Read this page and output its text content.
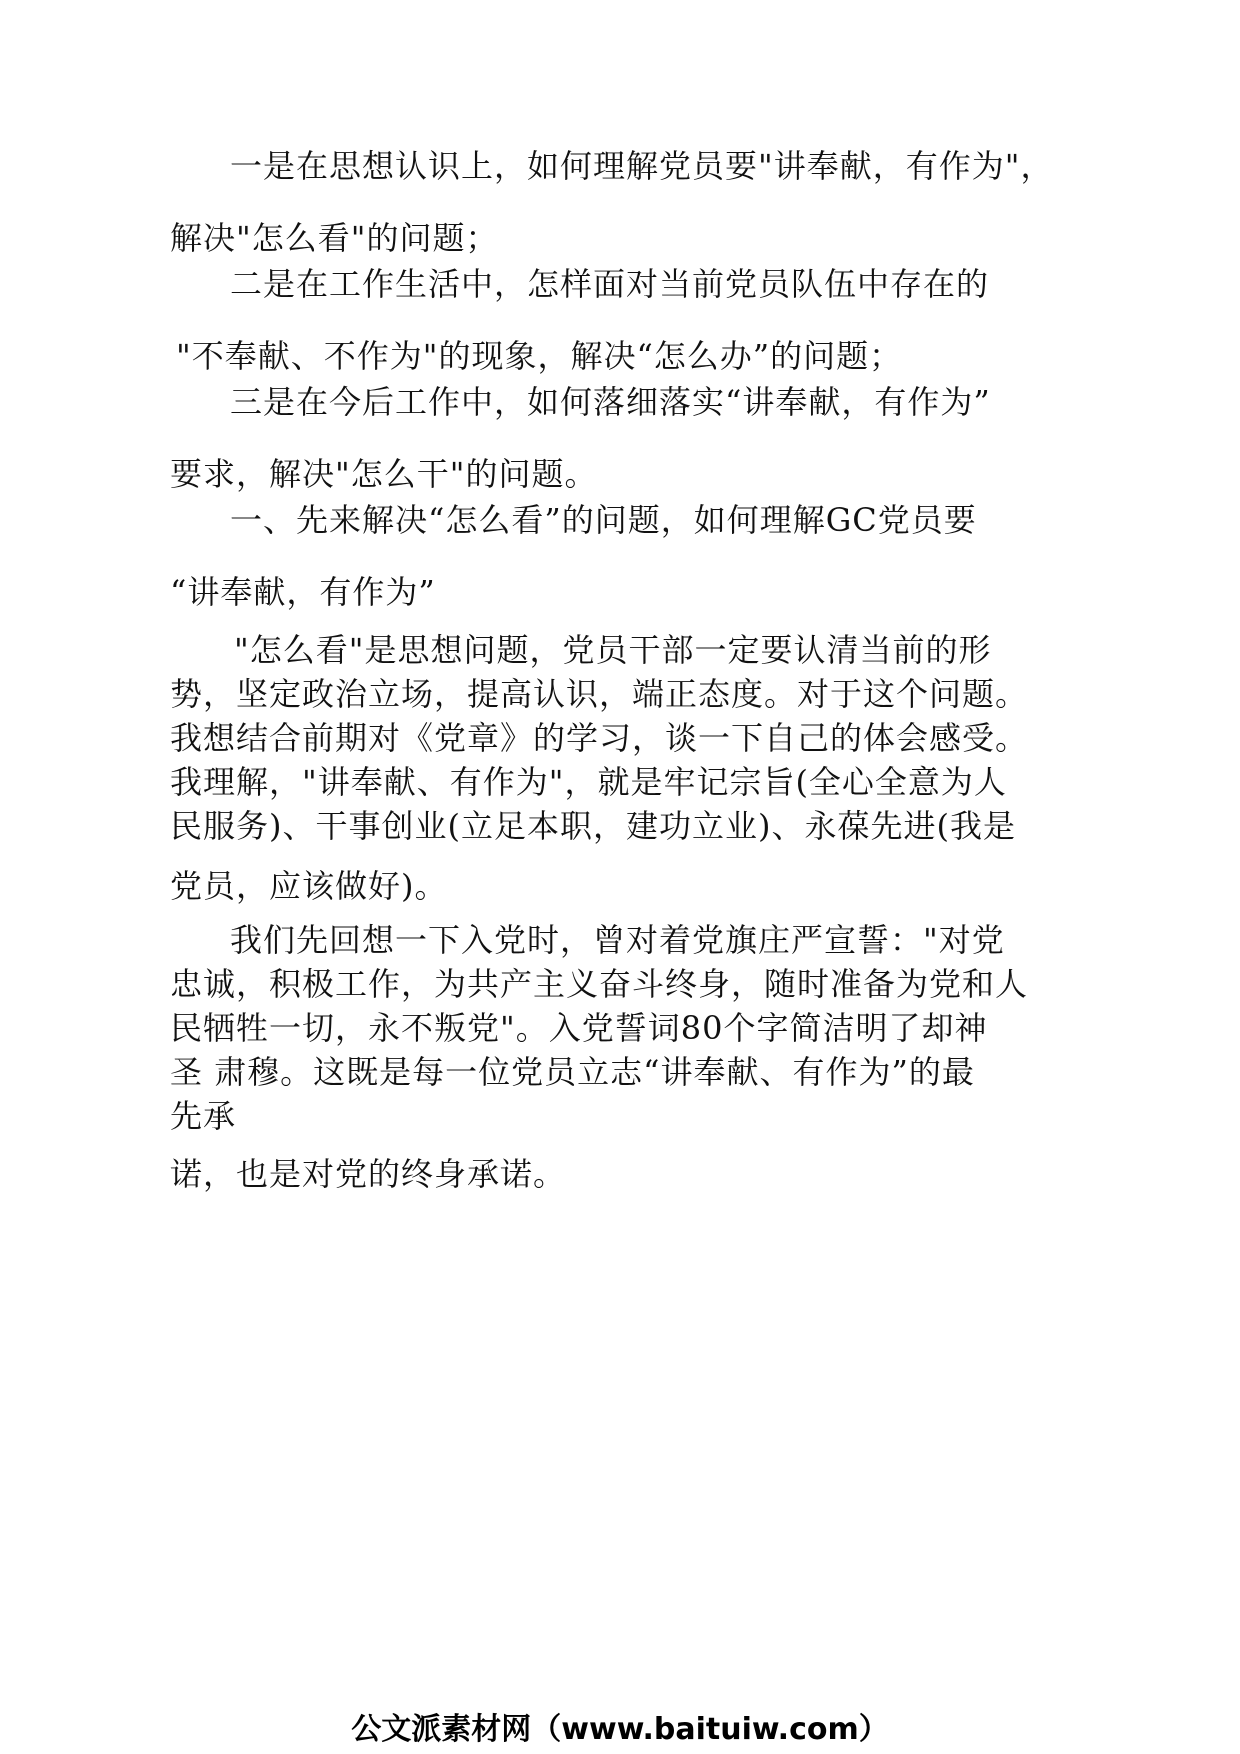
一是在思想认识上，如何理解党员要"讲奉献，有作为"，
解决"怎么看"的问题；
二是在工作生活中，怎样面对当前党员队伍中存在的
"不奉献、不作为"的现象，解决“怎么办”的问题；
三是在今后工作中，如何落细落实“讲奉献，有作为”
要求，解决"怎么干"的问题。
一、先来解决“怎么看”的问题，如何理解GC党员要
“讲奉献，有作为”
"怎么看"是思想问题，党员干部一定要认清当前的形
势，坚定政治立场，提高认识，端正态度。对于这个问题。
我想结合前期对《党章》的学习，谈一下自己的体会感受。
我理解，"讲奉献、有作为"，就是牢记宗旨(全心全意为人
民服务)、干事创业(立足本职，建功立业)、永葆先进(我是
党员，应该做好)。
我们先回想一下入党时，曾对着党旗庄严宣誓："对党
忠诚，积极工作，为共产主义奋斗终身，随时准备为党和人
民牺牲一切，永不叛党"。入党誓词80个字简洁明了却神
圣 肃穆。这既是每一位党员立志“讲奉献、有作为”的最
先承
诺，也是对党的终身承诺。
公文派素材网（www.baituiw.com）
